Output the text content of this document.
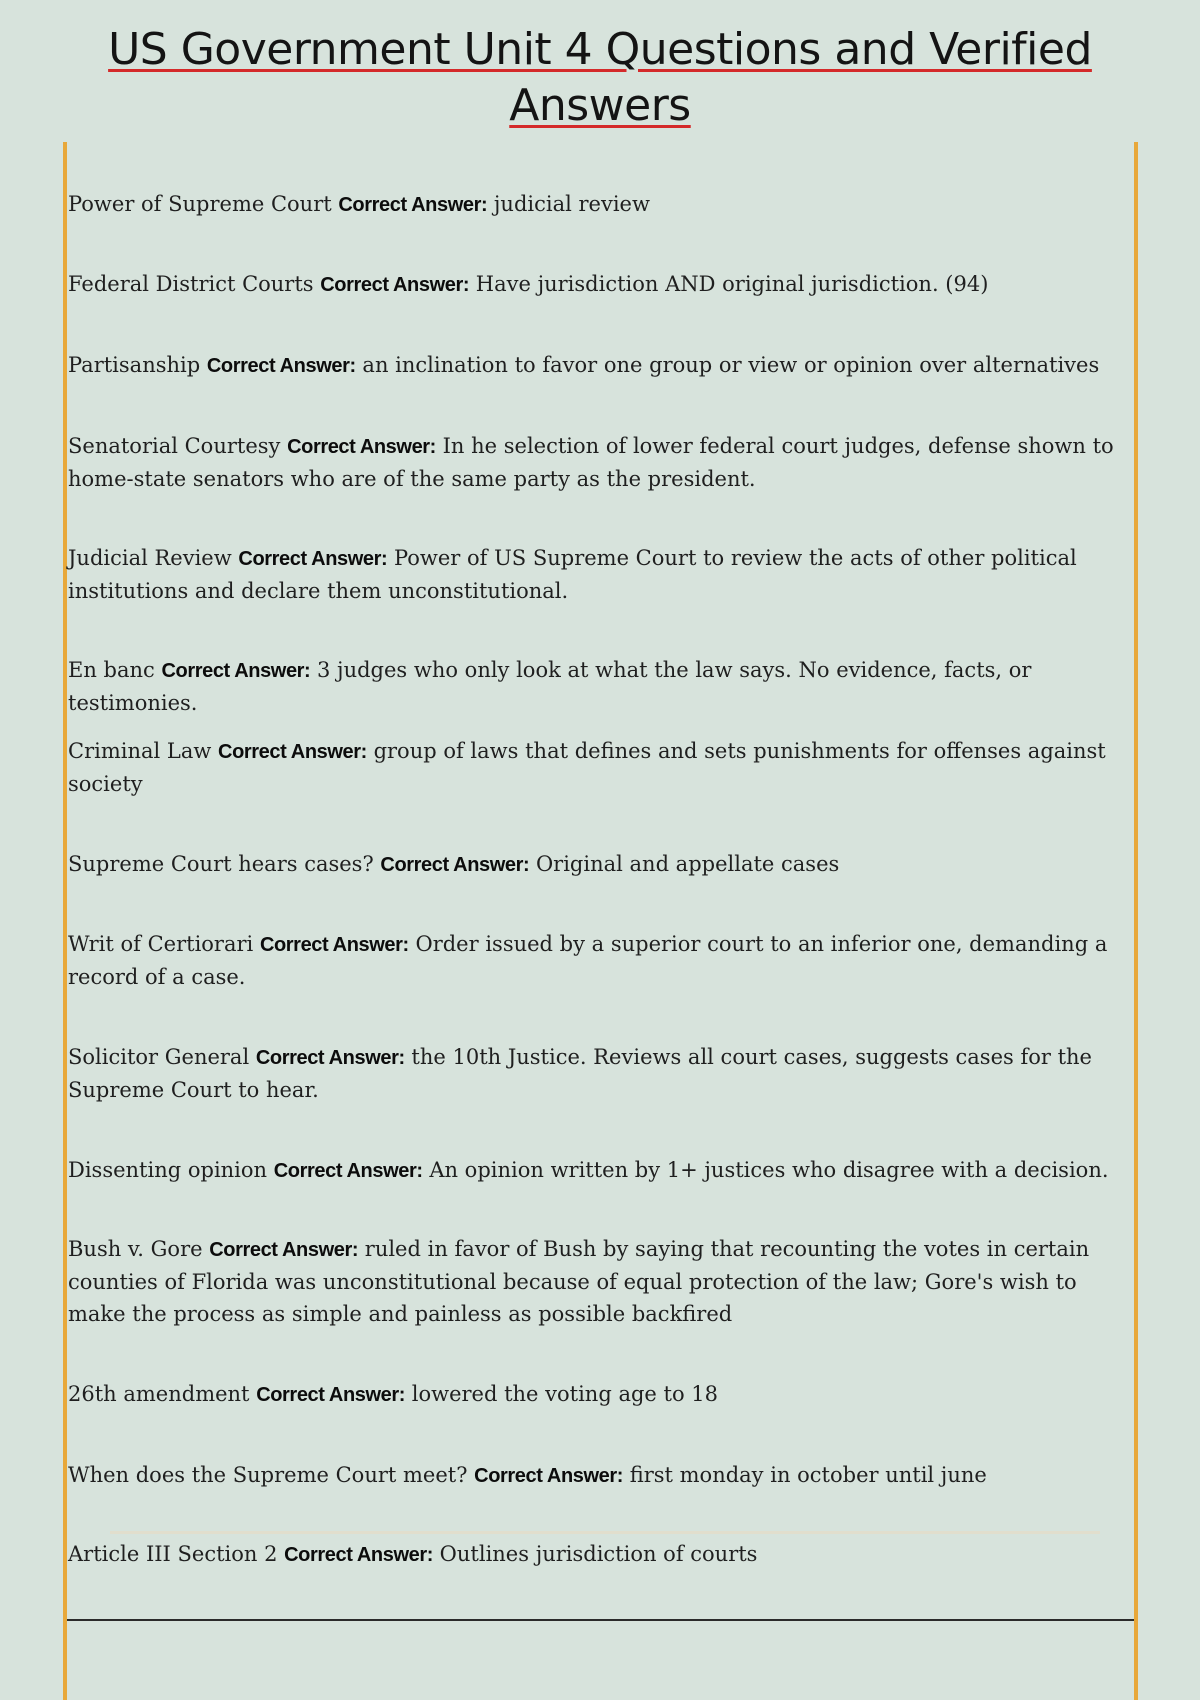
US Government Unit 4 Questions and Verified Answers
Power of Supreme Court Correct Answer: judicial review
Federal District Courts Correct Answer: Have jurisdiction AND original jurisdiction. (94)
Partisanship Correct Answer: an inclination to favor one group or view or opinion over alternatives
Senatorial Courtesy Correct Answer: In he selection of lower federal court judges, defense shown to home-state senators who are of the same party as the president.
Judicial Review Correct Answer: Power of US Supreme Court to review the acts of other political institutions and declare them unconstitutional.
En banc Correct Answer: 3 judges who only look at what the law says. No evidence, facts, or testimonies.
Criminal Law Correct Answer: group of laws that defines and sets punishments for offenses against society
Supreme Court hears cases? Correct Answer: Original and appellate cases
Writ of Certiorari Correct Answer: Order issued by a superior court to an inferior one, demanding a record of a case.
Solicitor General Correct Answer: the 10th Justice. Reviews all court cases, suggests cases for the Supreme Court to hear.
Dissenting opinion Correct Answer: An opinion written by 1+ justices who disagree with a decision.
Bush v. Gore Correct Answer: ruled in favor of Bush by saying that recounting the votes in certain counties of Florida was unconstitutional because of equal protection of the law; Gore's wish to make the process as simple and painless as possible backfired
26th amendment Correct Answer: lowered the voting age to 18
When does the Supreme Court meet? Correct Answer: first monday in october until june
Article III Section 2 Correct Answer: Outlines jurisdiction of courts
